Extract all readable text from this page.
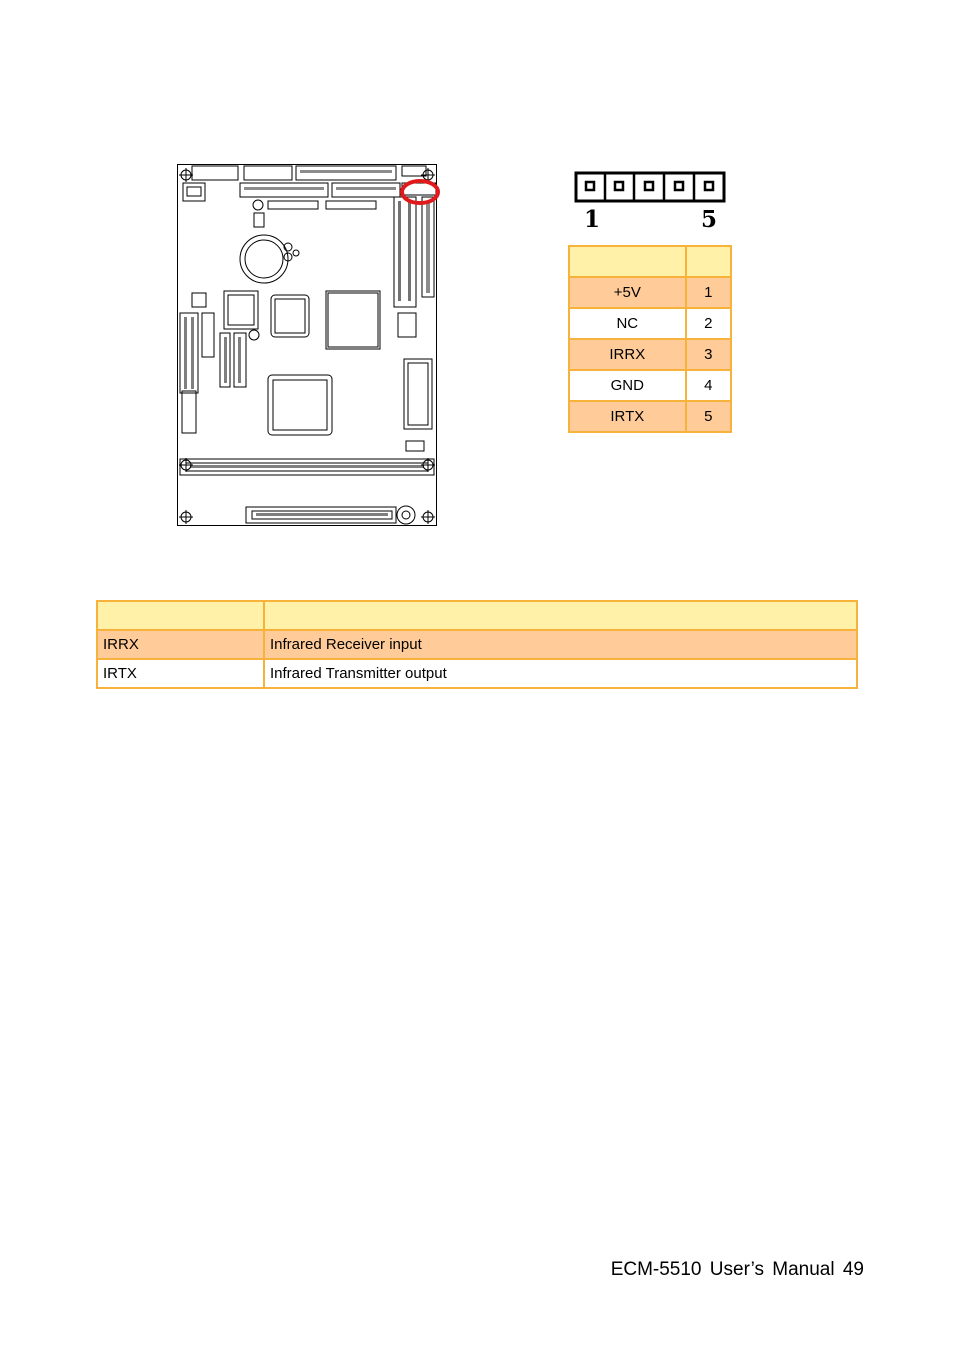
1	5

+5V	1
NC	2
IRRX	3
GND	4
IRTX	5

IRRX	Infrared Receiver input
IRTX	Infrared Transmitter output
ECM-5510 User’s Manual 49
